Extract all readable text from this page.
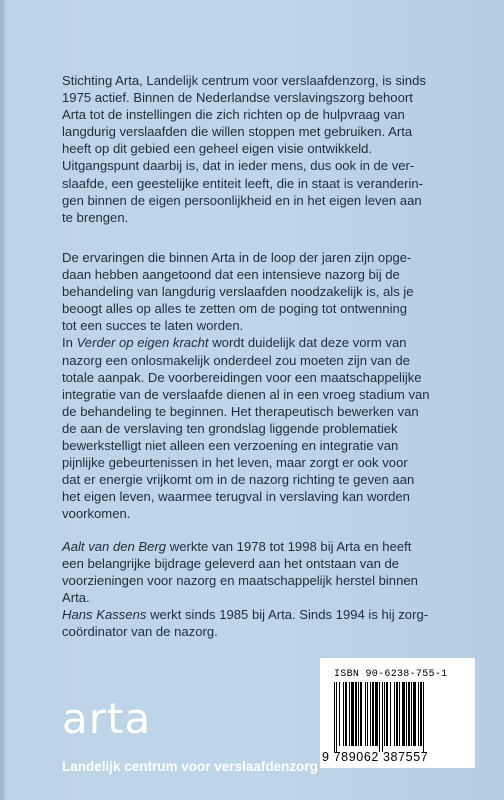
Stichting Arta, Landelijk centrum voor verslaafdenzorg, is sinds
1975 actief. Binnen de Nederlandse verslavingszorg behoort
Arta tot de instellingen die zich richten op de hulpvraag van
langdurig verslaafden die willen stoppen met gebruiken. Arta
heeft op dit gebied een geheel eigen visie ontwikkeld.
Uitgangspunt daarbij is, dat in ieder mens, dus ook in de ver-
slaafde, een geestelijke entiteit leeft, die in staat is veranderin-
gen binnen de eigen persoonlijkheid en in het eigen leven aan
te brengen.
De ervaringen die binnen Arta in de loop der jaren zijn opge-
daan hebben aangetoond dat een intensieve nazorg bij de
behandeling van langdurig verslaafden noodzakelijk is, als je
beoogt alles op alles te zetten om de poging tot ontwenning
tot een succes te laten worden.
In Verder op eigen kracht wordt duidelijk dat deze vorm van
nazorg een onlosmakelijk onderdeel zou moeten zijn van de
totale aanpak. De voorbereidingen voor een maatschappelijke
integratie van de verslaafde dienen al in een vroeg stadium van
de behandeling te beginnen. Het therapeutisch bewerken van
de aan de verslaving ten grondslag liggende problematiek
bewerkstelligt niet alleen een verzoening en integratie van
pijnlijke gebeurtenissen in het leven, maar zorgt er ook voor
dat er energie vrijkomt om in de nazorg richting te geven aan
het eigen leven, waarmee terugval in verslaving kan worden
voorkomen.
Aalt van den Berg werkte van 1978 tot 1998 bij Arta en heeft
een belangrijke bijdrage geleverd aan het ontstaan van de
voorzieningen voor nazorg en maatschappelijk herstel binnen
Arta.
Hans Kassens werkt sinds 1985 bij Arta. Sinds 1994 is hij zorg-
coördinator van de nazorg.
arta
Landelijk centrum voor verslaafdenzorg
ISBN 90-6238-755-1
9 789062 387557
